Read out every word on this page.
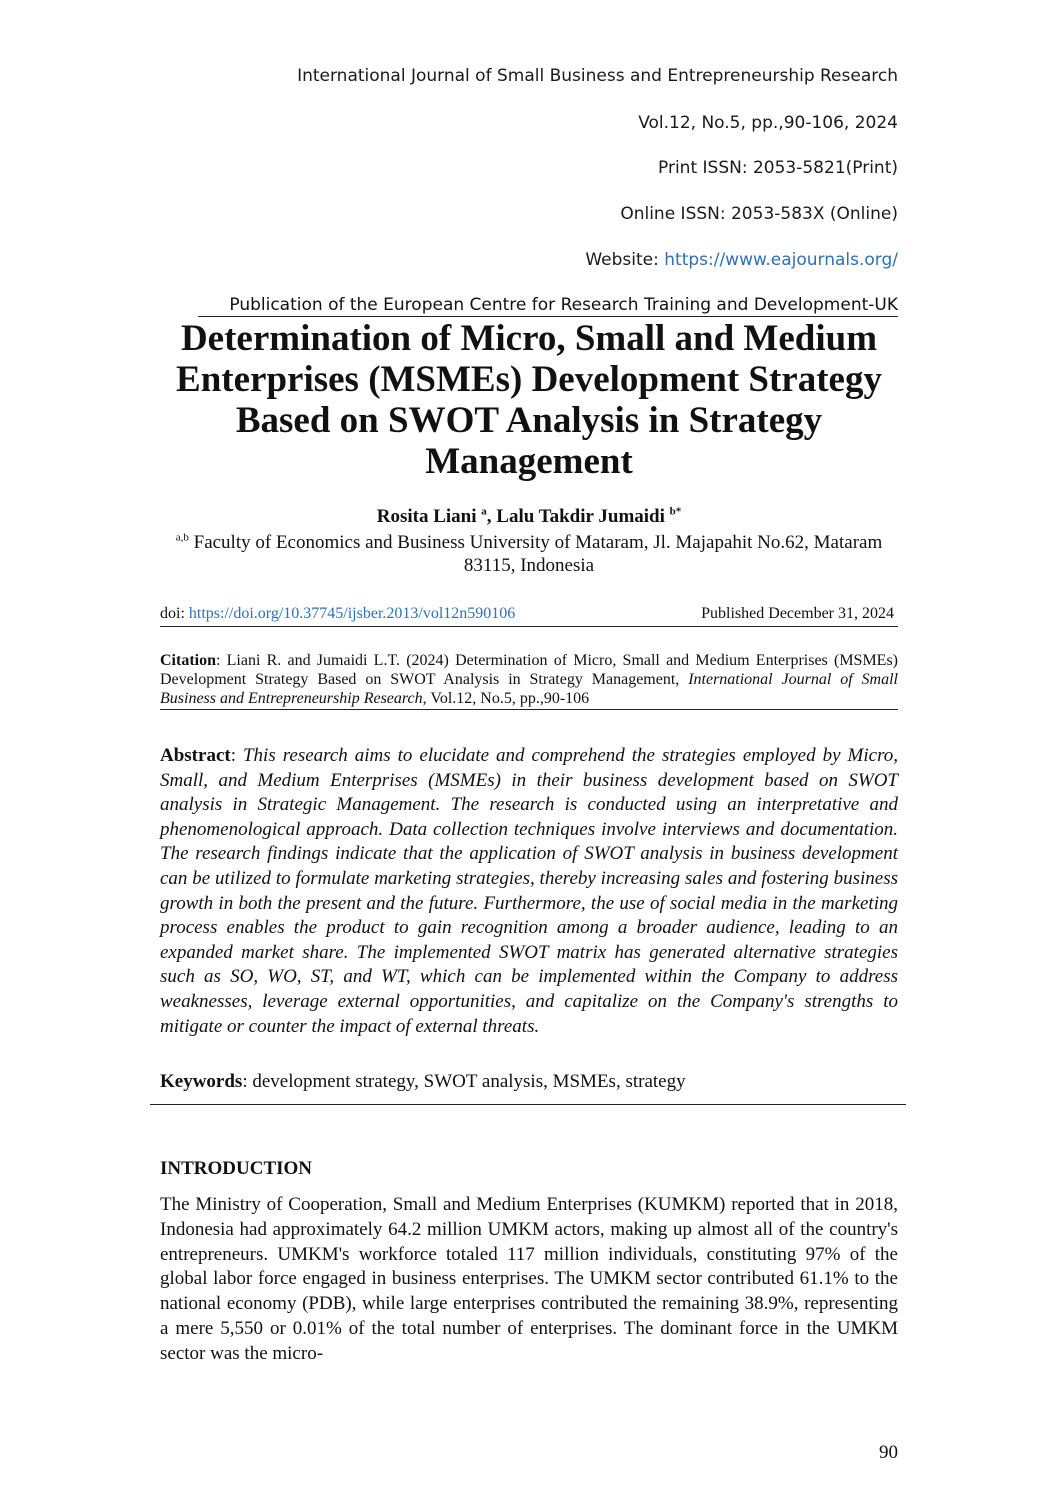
International Journal of Small Business and Entrepreneurship Research
Vol.12, No.5, pp.,90-106, 2024
Print ISSN: 2053-5821(Print)
Online ISSN: 2053-583X (Online)
Website: https://www.eajournals.org/
Publication of the European Centre for Research Training and Development-UK
Determination of Micro, Small and Medium Enterprises (MSMEs) Development Strategy Based on SWOT Analysis in Strategy Management
Rosita Liani $^a$, Lalu Takdir Jumaidi $^{b*}$
$^{a,b}$ Faculty of Economics and Business University of Mataram, Jl. Majapahit No.62, Mataram 83115, Indonesia
doi: https://doi.org/10.37745/ijsber.2013/vol12n590106	Published December 31, 2024
Citation: Liani R. and Jumaidi L.T. (2024) Determination of Micro, Small and Medium Enterprises (MSMEs) Development Strategy Based on SWOT Analysis in Strategy Management, International Journal of Small Business and Entrepreneurship Research, Vol.12, No.5, pp.,90-106

Abstract: This research aims to elucidate and comprehend the strategies employed by Micro, Small, and Medium Enterprises (MSMEs) in their business development based on SWOT analysis in Strategic Management. The research is conducted using an interpretative and phenomenological approach. Data collection techniques involve interviews and documentation. The research findings indicate that the application of SWOT analysis in business development can be utilized to formulate marketing strategies, thereby increasing sales and fostering business growth in both the present and the future. Furthermore, the use of social media in the marketing process enables the product to gain recognition among a broader audience, leading to an expanded market share. The implemented SWOT matrix has generated alternative strategies such as SO, WO, ST, and WT, which can be implemented within the Company to address weaknesses, leverage external opportunities, and capitalize on the Company's strengths to mitigate or counter the impact of external threats.

Keywords: development strategy, SWOT analysis, MSMEs, strategy
INTRODUCTION

The Ministry of Cooperation, Small and Medium Enterprises (KUMKM) reported that in 2018, Indonesia had approximately 64.2 million UMKM actors, making up almost all of the country's entrepreneurs. UMKM's workforce totaled 117 million individuals, constituting 97% of the global labor force engaged in business enterprises. The UMKM sector contributed 61.1% to the national economy (PDB), while large enterprises contributed the remaining 38.9%, representing a mere 5,550 or 0.01% of the total number of enterprises. The dominant force in the UMKM sector was the micro-

90
